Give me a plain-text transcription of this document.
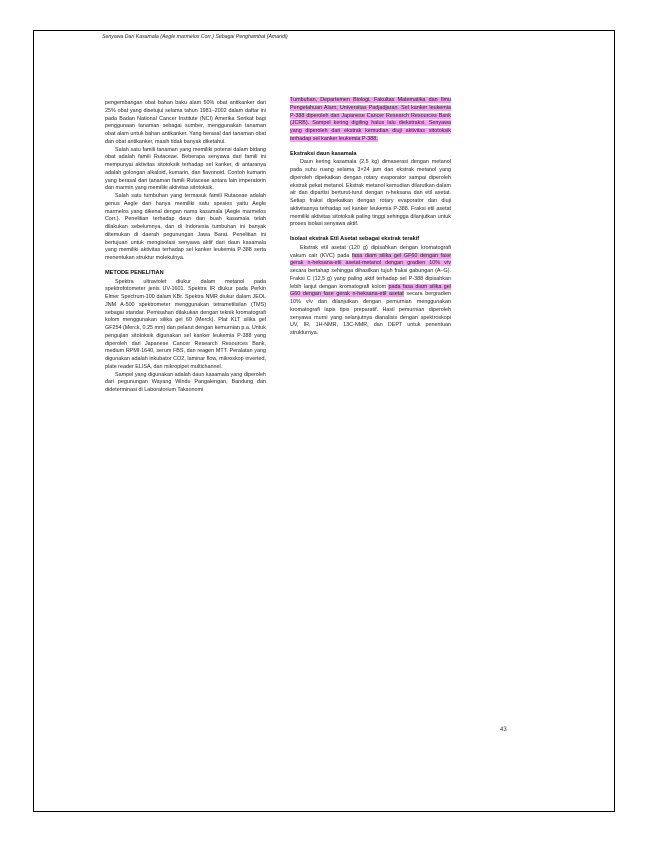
Senyawa Dari Kasamala (Aegle marmelos Corr.) Sebagai Penghambat (Amaridi)

pengembangan obat bahan baku alam 50% obat antikanker dari 25% obat yang disetujui selama tahun 1981–2002 dalam daftar ini pada Badan National Cancer Institute (NCI) Amerika Serikat bagi penggunaan tanaman sebagai sumber, menggunakan tanaman obat alam untuk bahan antikanker. Yang berasal dari tanaman obat dan obat antikanker, masih tidak banyak diketahui.

Salah satu famili tanaman yang memiliki potensi dalam bidang obat adalah famili Rutaceae. Beberapa senyawa dari famili ini mempunyai aktivitas sitotoksik terhadap sel kanker, di antaranya adalah golongan alkaloid, kumarin, dan flavonoid. Contoh kumarin yang berasal dari tanaman famili Rutaceae antara lain imperatorin dan marmin yang memiliki aktivitas sitotoksik.

Salah satu tumbuhan yang termasuk famili Rutaceae adalah genus Aegle dan hanya memiliki satu spesies yaitu Aegle marmelos yang dikenal dengan nama kasamala (Aegle marmelos Corr.). Penelitian terhadap daun dan buah kasamala telah dilakukan sebelumnya, dan di Indonesia tumbuhan ini banyak ditemukan di daerah pegunungan Jawa Barat. Penelitian ini bertujuan untuk mengisolasi senyawa aktif dari daun kasamala yang memiliki aktivitas terhadap sel kanker leukemia P-388 serta menentukan struktur molekulnya.

METODE PENELITIAN

Spektra ultraviolet diukur dalam metanol pada spektrofotometer jenis UV-1601. Spektra IR diukur pada Perkin Elmer Spectrum-100 dalam KBr. Spektra NMR diukur dalam JEOL JNM A-500 spektrometer menggunakan tetrametilsilan (TMS) sebagai standar. Pemisahan dilakukan dengan teknik kromatografi kolom menggunakan silika gel 60 (Merck). Plat KLT silika gel GF254 (Merck, 0.25 mm) dan pelarut dengan kemurnian p.a. Untuk pengujian sitotoksik digunakan sel kanker leukemia P-388 yang diperoleh dari Japanese Cancer Research Resources Bank, medium RPMI-1640, serum FBS, dan reagen MTT. Peralatan yang digunakan adalah inkubator CO2, laminar flow, mikroskop inverted, plate reader ELISA, dan mikropipet multichannel.

Sampel yang digunakan adalah daun kasamala yang diperoleh dari pegunungan Wayang Windu Pangalengan, Bandung dan dideterminasi di Laboratorium Taksonomi

Tumbuhan, Departemen Biologi, Fakultas Matematika dan Ilmu Pengetahuan Alam, Universitas Padjadjaran. Sel kanker leukemia P-388 diperoleh dari Japanese Cancer Research Resources Bank (JCRB). Sampel kering digiling halus lalu diekstraksi. Senyawa yang diperoleh dari ekstrak kemudian diuji aktivitas sitotoksik terhadap sel kanker leukemia P-388.

Ekstraksi daun kasamala

Daun kering kasamala (2,5 kg) dimaserasi dengan metanol pada suhu ruang selama 3×24 jam dan ekstrak metanol yang diperoleh dipekatkan dengan rotary evaporator sampai diperoleh ekstrak pekat metanol. Ekstrak metanol kemudian dilarutkan dalam air dan dipartisi berturut-turut dengan n-heksana dan etil asetat. Setiap fraksi dipekatkan dengan rotary evaporator dan diuji aktivitasnya terhadap sel kanker leukemia P-388. Fraksi etil asetat memiliki aktivitas sitotoksik paling tinggi sehingga dilanjutkan untuk proses isolasi senyawa aktif.

Isolasi ekstrak Etil Asetat sebagai ekstrak terakif

Ekstrak etil asetat (120 g) dipisahkan dengan kromatografi vakum cair (KVC) pada fasa diam silika gel GF60 dengan fase gerak n-heksana-etil asetat-metanol dengan gradien 10% v/v secara bertahap sehingga dihasilkan tujuh fraksi gabungan (A–G). Fraksi C (12,5 g) yang paling aktif terhadap sel P-388 dipisahkan lebih lanjut dengan kromatografi kolom pada fasa diam silika gel G60 dengan fase gerak n-heksana-etil asetat secara bergradien 10% v/v dan dilanjutkan dengan pemurnian menggunakan kromatografi lapis tipis preparatif. Hasil pemurnian diperoleh senyawa murni yang selanjutnya dianalisis dengan spektroskopi UV, IR, 1H-NMR, 13C-NMR, dan DEPT untuk penentuan strukturnya.

43
